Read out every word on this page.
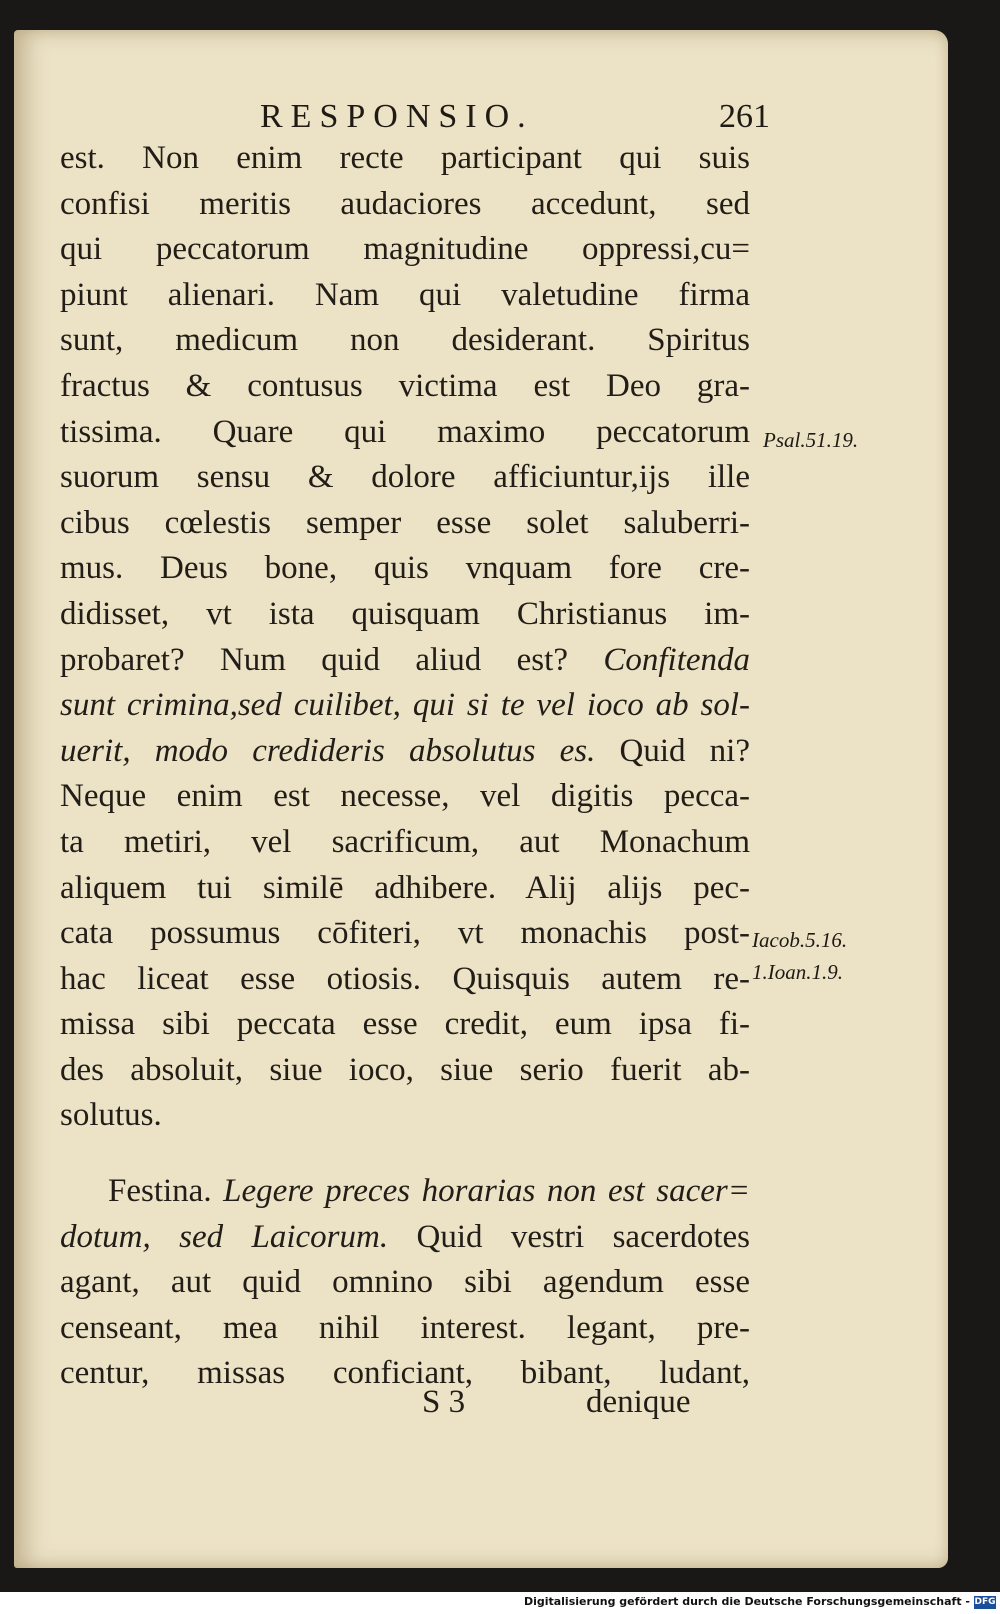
RESPONSIO.	261
est. Non enim recte participant qui suis
confisi meritis audaciores accedunt, sed
qui peccatorum magnitudine oppressi,cu=
piunt alienari. Nam qui valetudine firma
sunt, medicum non desiderant. Spiritus
fractus & contusus victima est Deo gra-
tissima. Quare qui maximo peccatorum
suorum sensu & dolore afficiuntur,ijs ille
cibus cœlestis semper esse solet saluberri-
mus. Deus bone, quis vnquam fore cre-
didisset, vt ista quisquam Christianus im-
probaret? Num quid aliud est? Confitenda
sunt crimina,sed cuilibet, qui si te vel ioco ab sol-
uerit, modo credideris absolutus es. Quid ni?
Neque enim est necesse, vel digitis pecca-
ta metiri, vel sacrificum, aut Monachum
aliquem tui similē adhibere. Alij alijs pec-
cata possumus cōfiteri, vt monachis post-
hac liceat esse otiosis. Quisquis autem re-
missa sibi peccata esse credit, eum ipsa fi-
des absoluit, siue ioco, siue serio fuerit ab-
solutus.
Festina. Legere preces horarias non est sacer=
dotum, sed Laicorum. Quid vestri sacerdotes
agant, aut quid omnino sibi agendum esse
censeant, mea nihil interest. legant, pre-
centur, missas conficiant, bibant, ludant,
Psal.51.19.
Iacob.5.16.
1.Ioan.1.9.
S 3	denique
Digitalisierung gefördert durch die Deutsche Forschungsgemeinschaft - DFG
